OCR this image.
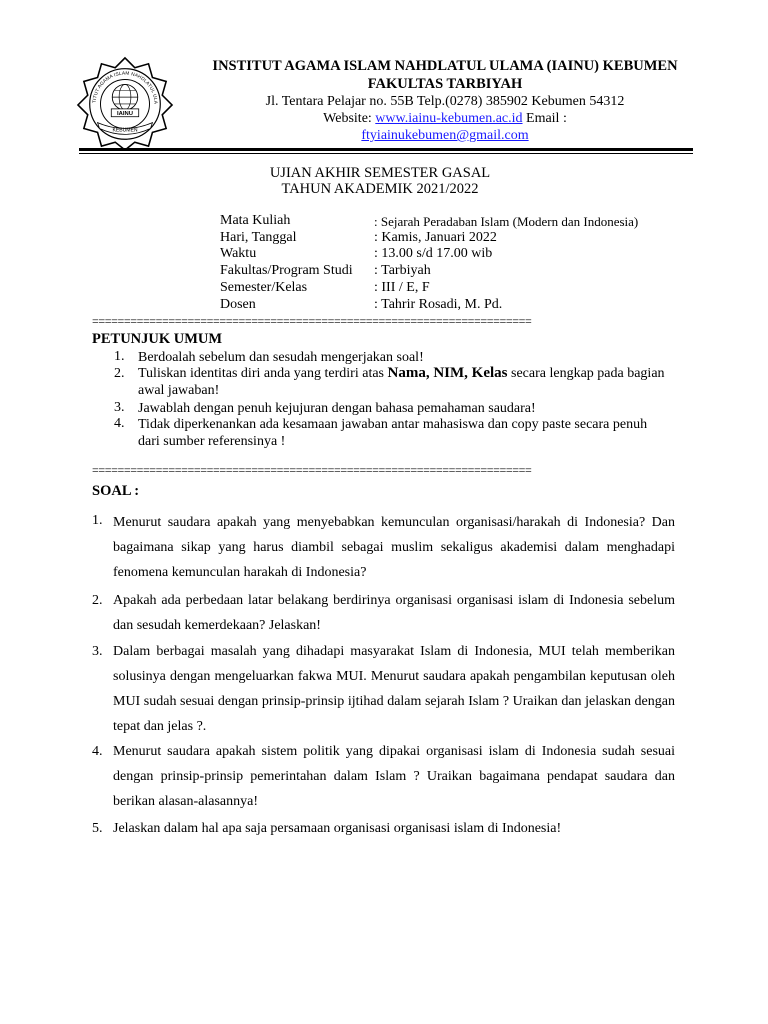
IAINU
TITUT AGAMA ISLAM NAHDLATUL ULA
KEBUMEN
INSTITUT AGAMA ISLAM NAHDLATUL ULAMA (IAINU) KEBUMEN
FAKULTAS TARBIYAH
Jl. Tentara Pelajar no. 55B Telp.(0278) 385902 Kebumen 54312
Website: www.iainu-kebumen.ac.id Email :
ftyiainukebumen@gmail.com
UJIAN AKHIR SEMESTER GASAL
TAHUN AKADEMIK 2021/2022
Mata Kuliah	: Sejarah Peradaban Islam (Modern dan Indonesia)
Hari, Tanggal	: Kamis, Januari 2022
Waktu	: 13.00 s/d 17.00 wib
Fakultas/Program Studi : Tarbiyah
Semester/Kelas	: III / E, F
Dosen	: Tahrir Rosadi, M. Pd.
=====================================================================
PETUNJUK UMUM
1. Berdoalah sebelum dan sesudah mengerjakan soal!
2. Tuliskan identitas diri anda yang terdiri atas Nama, NIM, Kelas secara lengkap pada bagian awal jawaban!
3. Jawablah dengan penuh kejujuran dengan bahasa pemahaman saudara!
4. Tidak diperkenankan ada kesamaan jawaban antar mahasiswa dan copy paste secara penuh dari sumber referensinya !
=====================================================================
SOAL :
1. Menurut saudara apakah yang menyebabkan kemunculan organisasi/harakah di Indonesia? Dan bagaimana sikap yang harus diambil sebagai muslim sekaligus akademisi dalam menghadapi fenomena kemunculan harakah di Indonesia?
2. Apakah ada perbedaan latar belakang berdirinya organisasi organisasi islam di Indonesia sebelum dan sesudah kemerdekaan? Jelaskan!
3. Dalam berbagai masalah yang dihadapi masyarakat Islam di Indonesia, MUI telah memberikan solusinya dengan mengeluarkan fakwa MUI. Menurut saudara apakah pengambilan keputusan oleh MUI sudah sesuai dengan prinsip-prinsip ijtihad dalam sejarah Islam ? Uraikan dan jelaskan dengan tepat dan jelas ?.
4. Menurut saudara apakah sistem politik yang dipakai organisasi islam di Indonesia sudah sesuai dengan prinsip-prinsip pemerintahan dalam Islam ? Uraikan bagaimana pendapat saudara dan berikan alasan-alasannya!
5. Jelaskan dalam hal apa saja persamaan organisasi organisasi islam di Indonesia!
